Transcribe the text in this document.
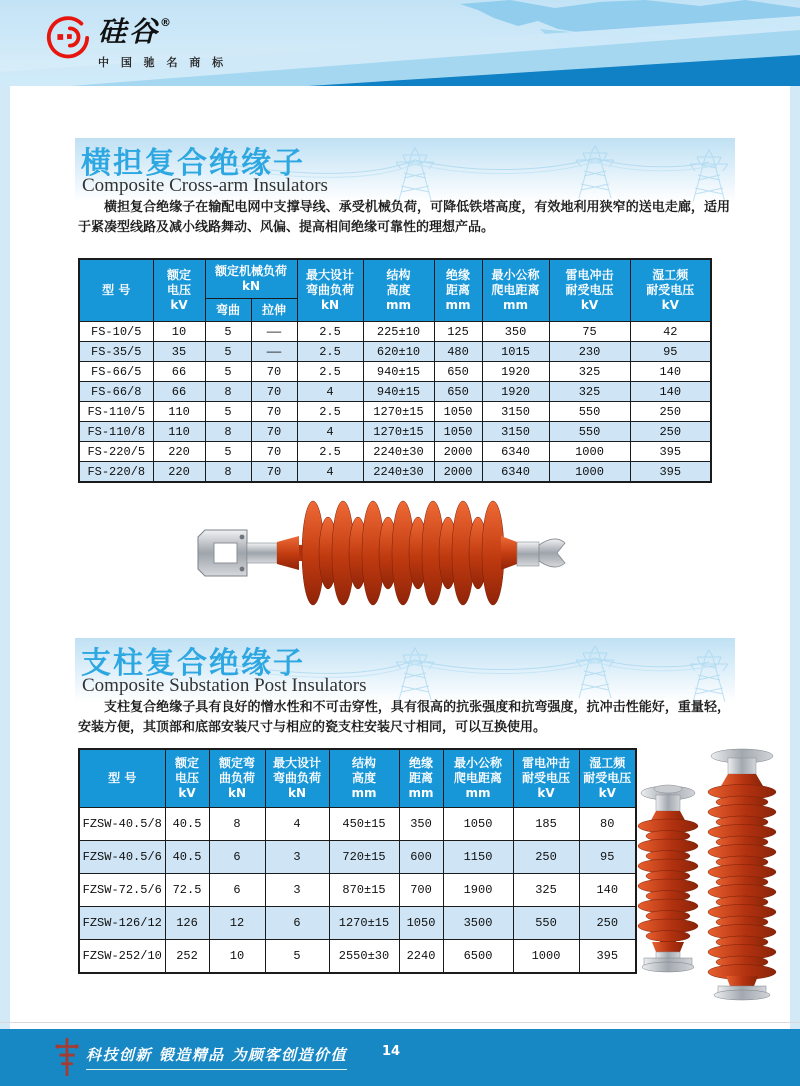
硅谷 ®
中 国 驰 名 商 标
横担复合绝缘子
Composite Cross-arm Insulators

横担复合绝缘子在输配电网中支撑导线、承受机械负荷，可降低铁塔高度，有效地利用狭窄的送电走廊，适用于紧凑型线路及减小线路舞动、风偏、提高相间绝缘可靠性的理想产品。

型 号	额定
电压
kV	额定机械负荷
kN		最大设计
弯曲负荷
kN	结构
高度
mm	绝缘
距离
mm	最小公称
爬电距离
mm	雷电冲击
耐受电压
kV	湿工频
耐受电压
kV
		弯曲	拉伸						
FS-10/5	10	5	——	2.5	225±10	125	350	75	42
FS-35/5	35	5	——	2.5	620±10	480	1015	230	95
FS-66/5	66	5	70	2.5	940±15	650	1920	325	140
FS-66/8	66	8	70	4	940±15	650	1920	325	140
FS-110/5	110	5	70	2.5	1270±15	1050	3150	550	250
FS-110/8	110	8	70	4	1270±15	1050	3150	550	250
FS-220/5	220	5	70	2.5	2240±30	2000	6340	1000	395
FS-220/8	220	8	70	4	2240±30	2000	6340	1000	395
支柱复合绝缘子
Composite Substation Post Insulators

支柱复合绝缘子具有良好的憎水性和不可击穿性，具有很高的抗张强度和抗弯强度，抗冲击性能好，重量轻，安装方便，其顶部和底部安装尺寸与相应的瓷支柱安装尺寸相同，可以互换使用。

型 号	额定
电压
kV	额定弯
曲负荷
kN	最大设计
弯曲负荷
kN	结构
高度
mm	绝缘
距离
mm	最小公称
爬电距离
mm	雷电冲击
耐受电压
kV	湿工频
耐受电压
kV
FZSW-40.5/8	40.5	8	4	450±15	350	1050	185	80
FZSW-40.5/6	40.5	6	3	720±15	600	1150	250	95
FZSW-72.5/6	72.5	6	3	870±15	700	1900	325	140
FZSW-126/12	126	12	6	1270±15	1050	3500	550	250
FZSW-252/10	252	10	5	2550±30	2240	6500	1000	395
科技创新 锻造精品 为顾客创造价值	14
